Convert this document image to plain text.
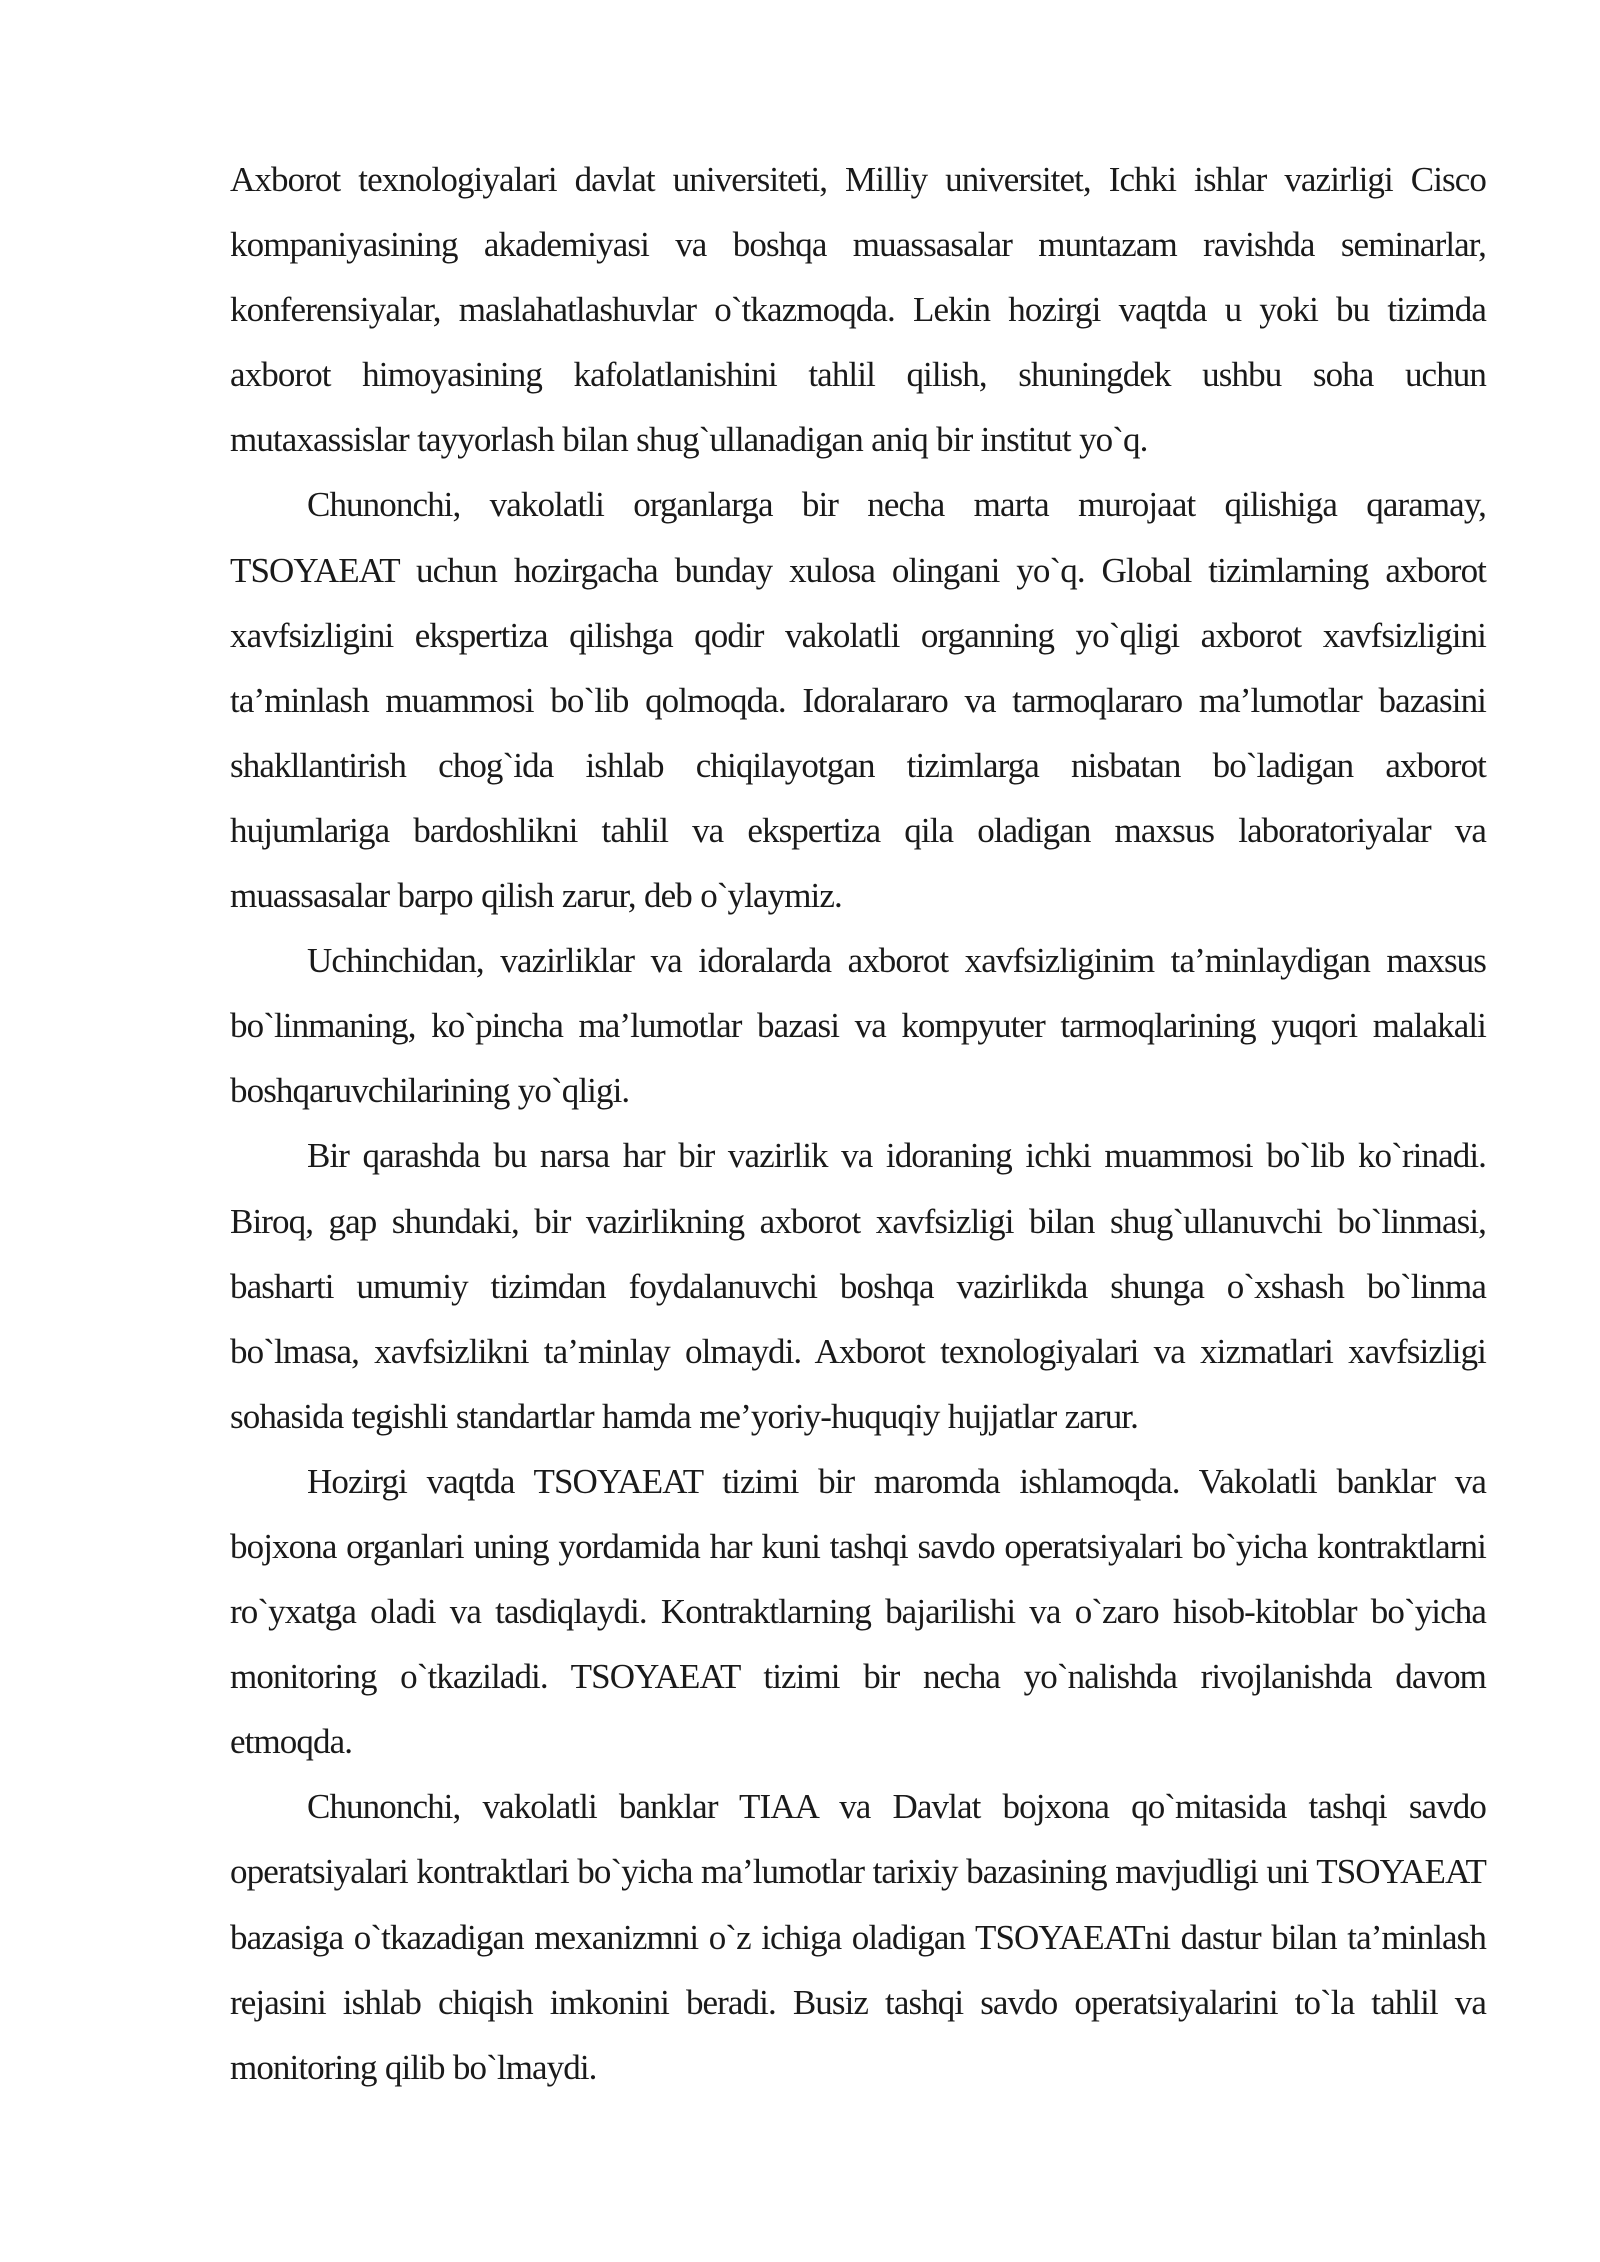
Axborot texnologiyalari davlat universiteti, Milliy universitet, Ichki ishlar vazirligi Cisco kompaniyasining akademiyasi va boshqa muassasalar muntazam ravishda seminarlar, konferensiyalar, maslahatlashuvlar o`tkazmoqda. Lekin hozirgi vaqtda u yoki bu tizimda axborot himoyasining kafolatlanishini tahlil qilish, shuningdek ushbu soha uchun mutaxassislar tayyorlash bilan shug`ullanadigan aniq bir institut yo`q.

Chunonchi, vakolatli organlarga bir necha marta murojaat qilishiga qaramay, TSOYAEAT uchun hozirgacha bunday xulosa olingani yo`q. Global tizimlarning axborot xavfsizligini ekspertiza qilishga qodir vakolatli organning yo`qligi axborot xavfsizligini ta’minlash muammosi bo`lib qolmoqda. Idoralararo va tarmoqlararo ma’lumotlar bazasini shakllantirish chog`ida ishlab chiqilayotgan tizimlarga nisbatan bo`ladigan axborot hujumlariga bardoshlikni tahlil va ekspertiza qila oladigan maxsus laboratoriyalar va muassasalar barpo qilish zarur, deb o`ylaymiz.

Uchinchidan, vazirliklar va idoralarda axborot xavfsizliginim ta’minlaydigan maxsus bo`linmaning, ko`pincha ma’lumotlar bazasi va kompyuter tarmoqlarining yuqori malakali boshqaruvchilarining yo`qligi.

Bir qarashda bu narsa har bir vazirlik va idoraning ichki muammosi bo`lib ko`rinadi. Biroq, gap shundaki, bir vazirlikning axborot xavfsizligi bilan shug`ullanuvchi bo`linmasi, basharti umumiy tizimdan foydalanuvchi boshqa vazirlikda shunga o`xshash bo`linma bo`lmasa, xavfsizlikni ta’minlay olmaydi. Axborot texnologiyalari va xizmatlari xavfsizligi sohasida tegishli standartlar hamda me’yoriy-huquqiy hujjatlar zarur.

Hozirgi vaqtda TSOYAEAT tizimi bir maromda ishlamoqda. Vakolatli banklar va bojxona organlari uning yordamida har kuni tashqi savdo operatsiyalari bo`yicha kontraktlarni ro`yxatga oladi va tasdiqlaydi. Kontraktlarning bajarilishi va o`zaro hisob-kitoblar bo`yicha monitoring o`tkaziladi. TSOYAEAT tizimi bir necha yo`nalishda rivojlanishda davom etmoqda.

Chunonchi, vakolatli banklar TIAA va Davlat bojxona qo`mitasida tashqi savdo operatsiyalari kontraktlari bo`yicha ma’lumotlar tarixiy bazasining mavjudligi uni TSOYAEAT bazasiga o`tkazadigan mexanizmni o`z ichiga oladigan TSOYAEATni dastur bilan ta’minlash rejasini ishlab chiqish imkonini beradi. Busiz tashqi savdo operatsiyalarini to`la tahlil va monitoring qilib bo`lmaydi.
